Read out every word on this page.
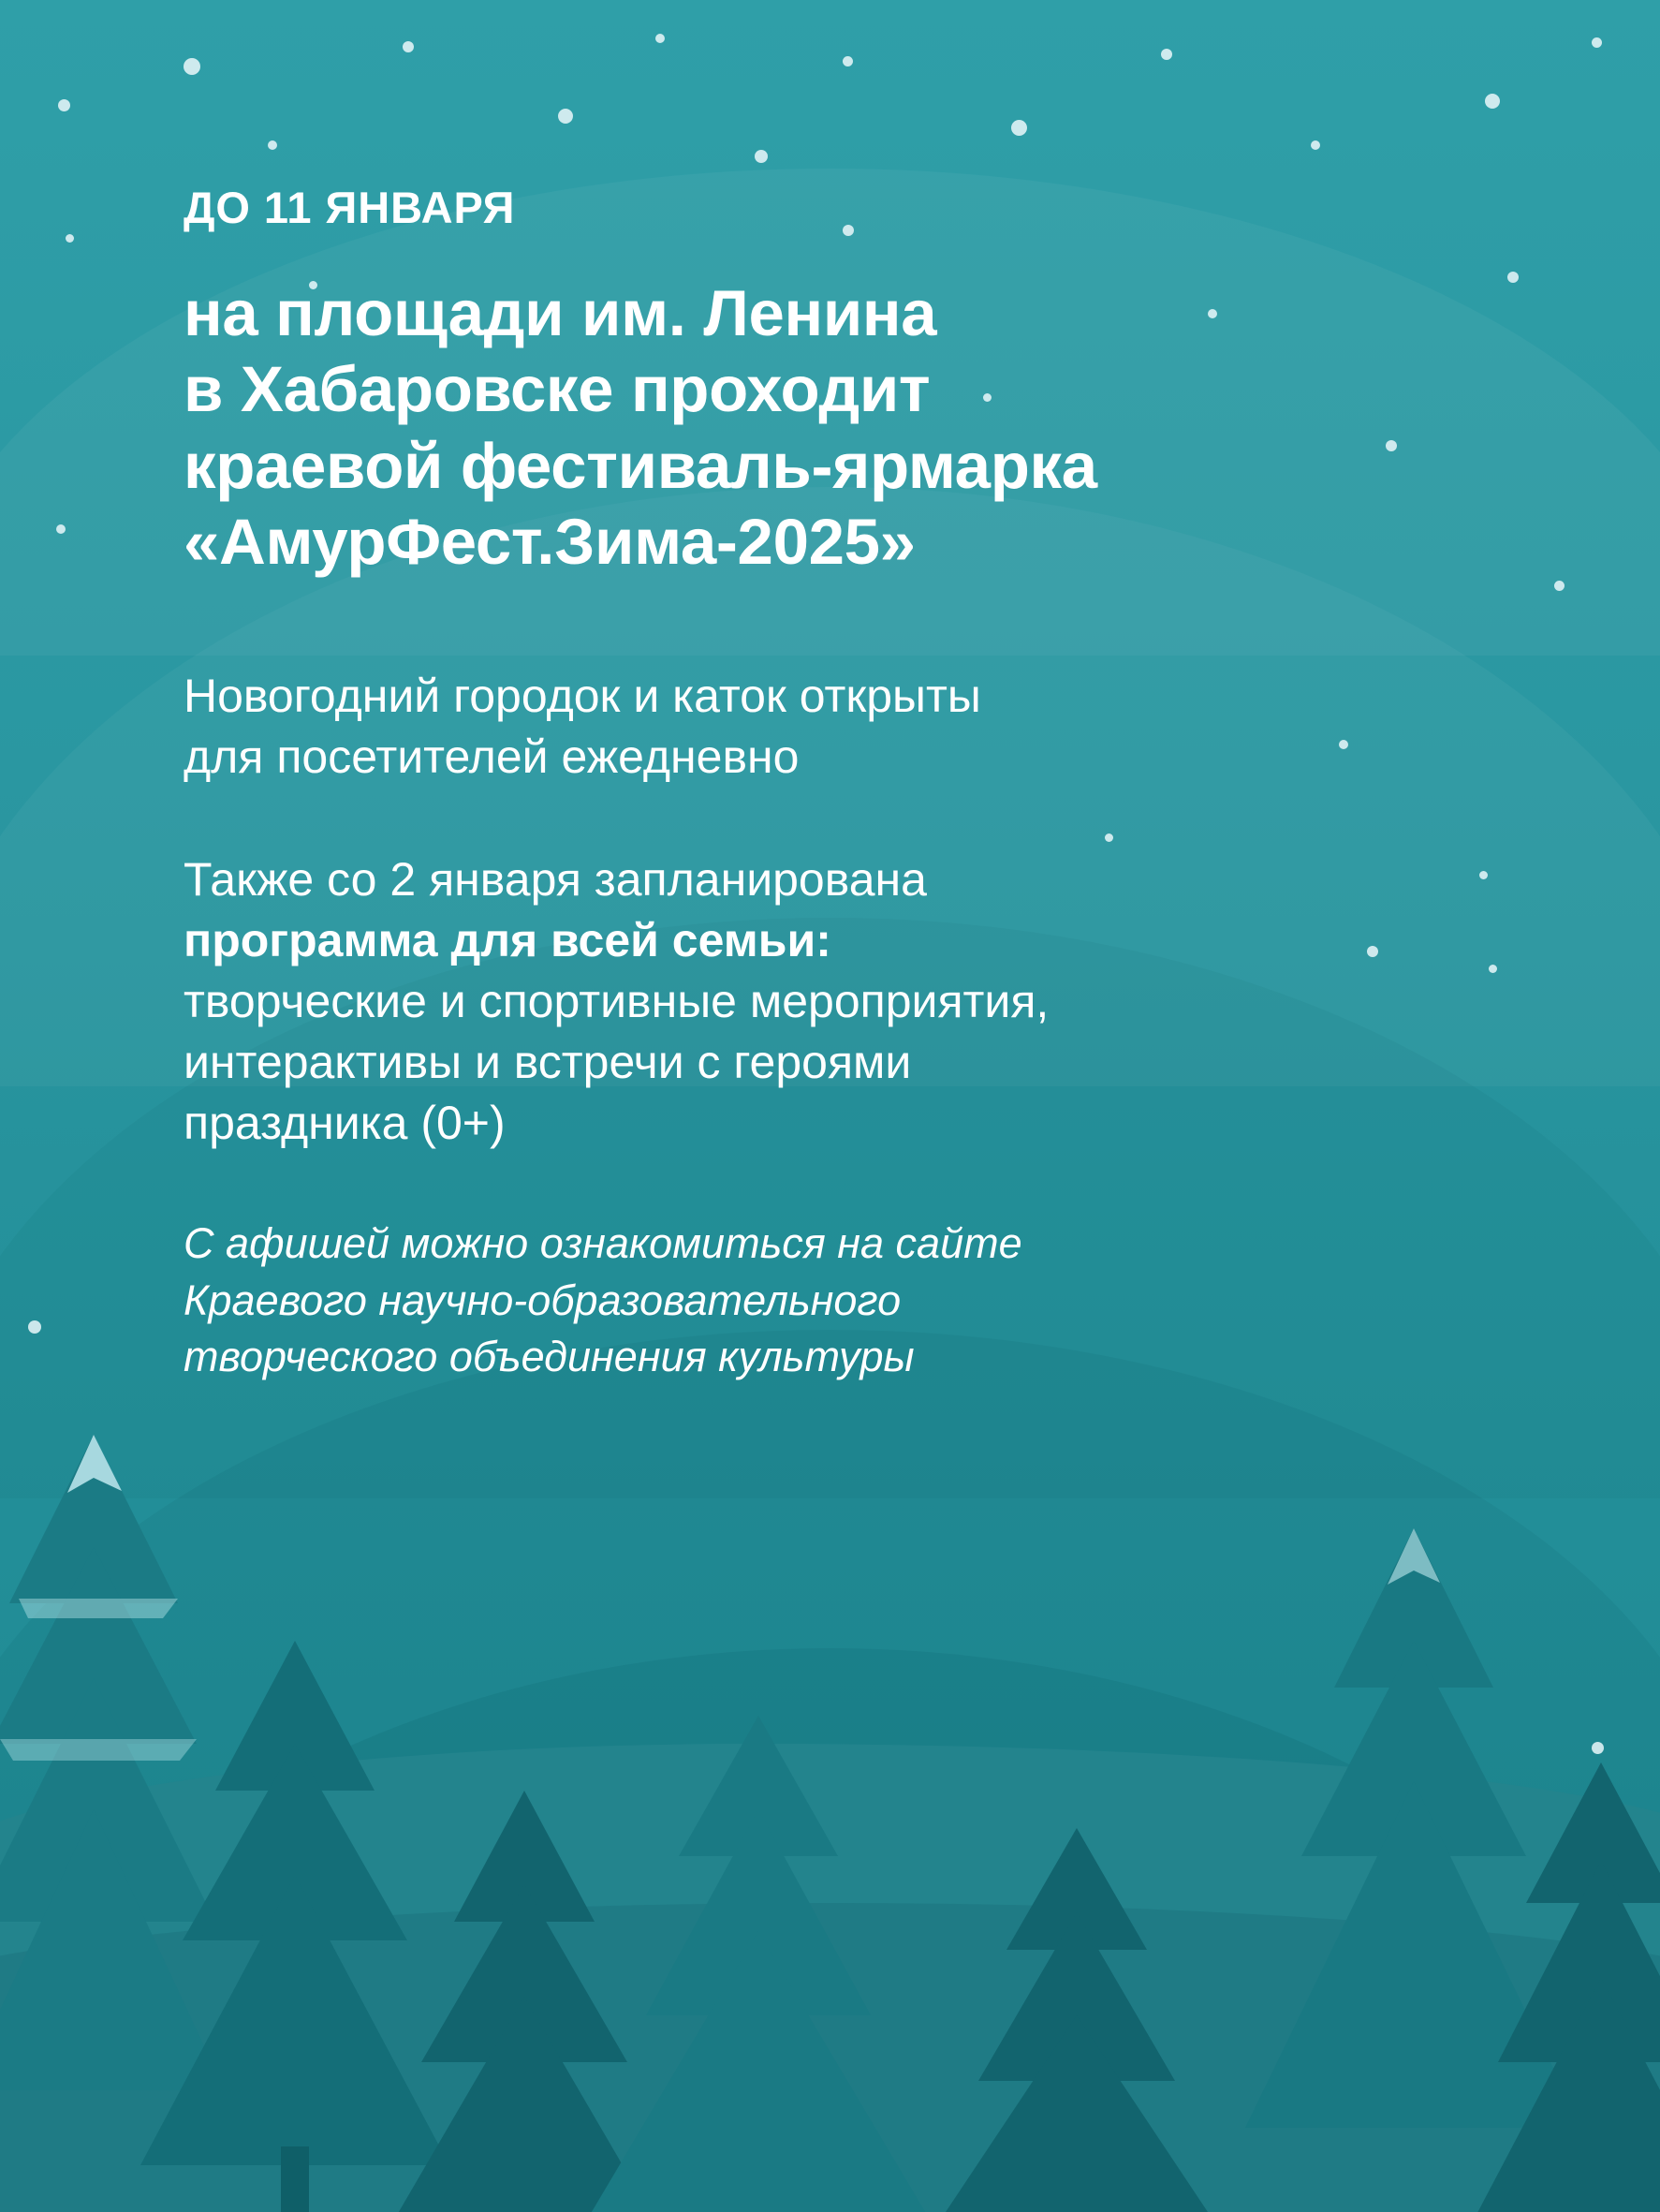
ДО 11 ЯНВАРЯ
на площади им. Ленина
в Хабаровске проходит
краевой фестиваль-ярмарка
«АмурФест.Зима-2025»
Новогодний городок и каток открыты
для посетителей ежедневно
Также со 2 января запланирована
программа для всей семьи:
творческие и спортивные мероприятия,
интерактивы и встречи с героями
праздника (0+)
С афишей можно ознакомиться на сайте
Краевого научно-образовательного
творческого объединения культуры
